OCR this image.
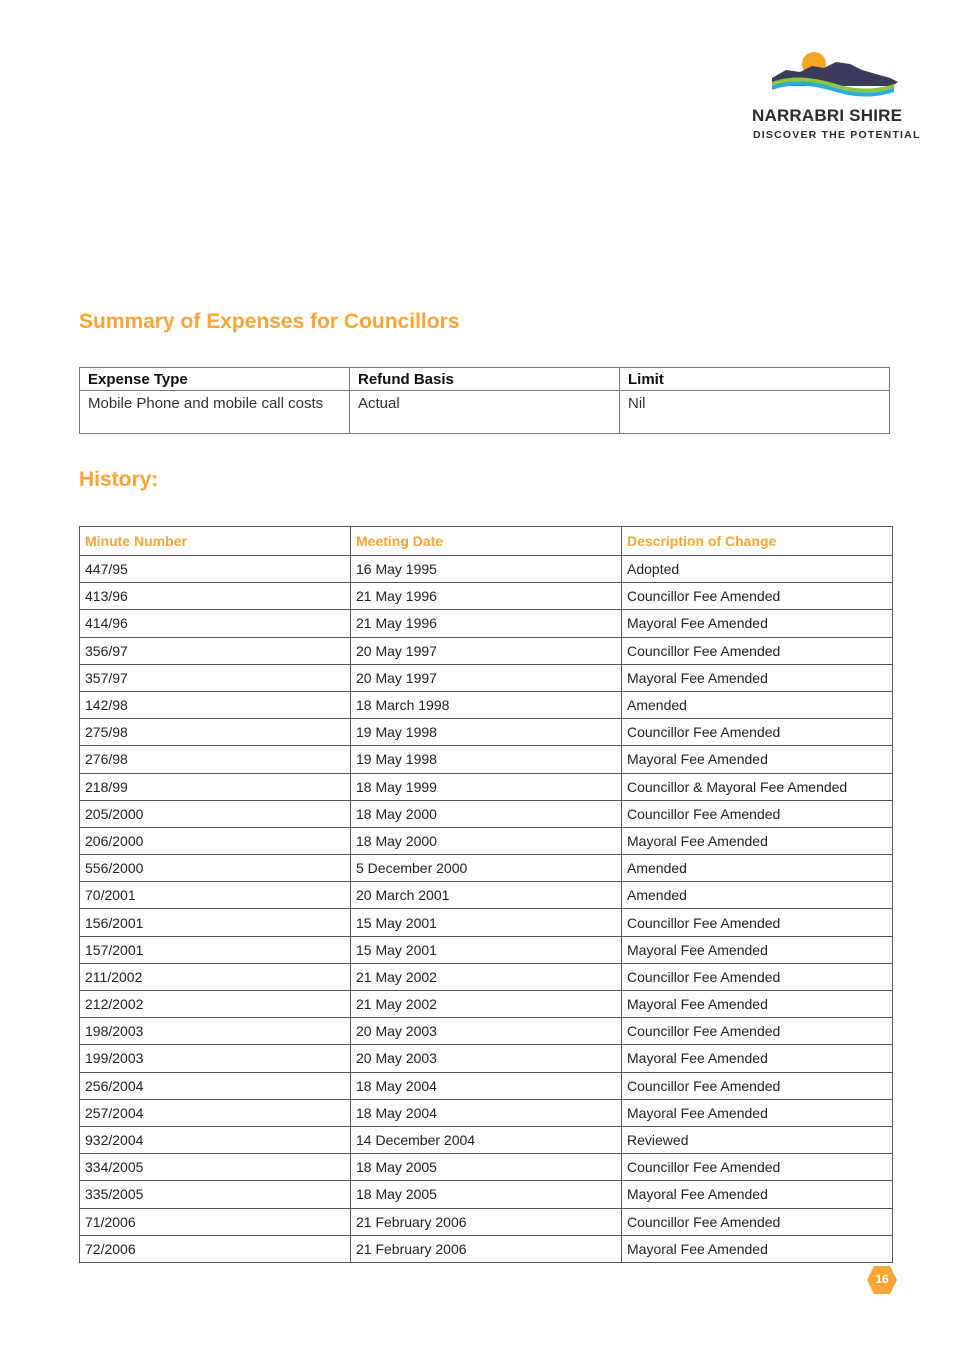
NARRABRI SHIRE
DISCOVER THE POTENTIAL
Summary of Expenses for Councillors
Expense Type	Refund Basis	Limit
Mobile Phone and mobile call costs	Actual	Nil
History:
Minute Number	Meeting Date	Description of Change
447/95	16 May 1995	Adopted
413/96	21 May 1996	Councillor Fee Amended
414/96	21 May 1996	Mayoral Fee Amended
356/97	20 May 1997	Councillor Fee Amended
357/97	20 May 1997	Mayoral Fee Amended
142/98	18 March 1998	Amended
275/98	19 May 1998	Councillor Fee Amended
276/98	19 May 1998	Mayoral Fee Amended
218/99	18 May 1999	Councillor & Mayoral Fee Amended
205/2000	18 May 2000	Councillor Fee Amended
206/2000	18 May 2000	Mayoral Fee Amended
556/2000	5 December 2000	Amended
70/2001	20 March 2001	Amended
156/2001	15 May 2001	Councillor Fee Amended
157/2001	15 May 2001	Mayoral Fee Amended
211/2002	21 May 2002	Councillor Fee Amended
212/2002	21 May 2002	Mayoral Fee Amended
198/2003	20 May 2003	Councillor Fee Amended
199/2003	20 May 2003	Mayoral Fee Amended
256/2004	18 May 2004	Councillor Fee Amended
257/2004	18 May 2004	Mayoral Fee Amended
932/2004	14 December 2004	Reviewed
334/2005	18 May 2005	Councillor Fee Amended
335/2005	18 May 2005	Mayoral Fee Amended
71/2006	21 February 2006	Councillor Fee Amended
72/2006	21 February 2006	Mayoral Fee Amended
16
